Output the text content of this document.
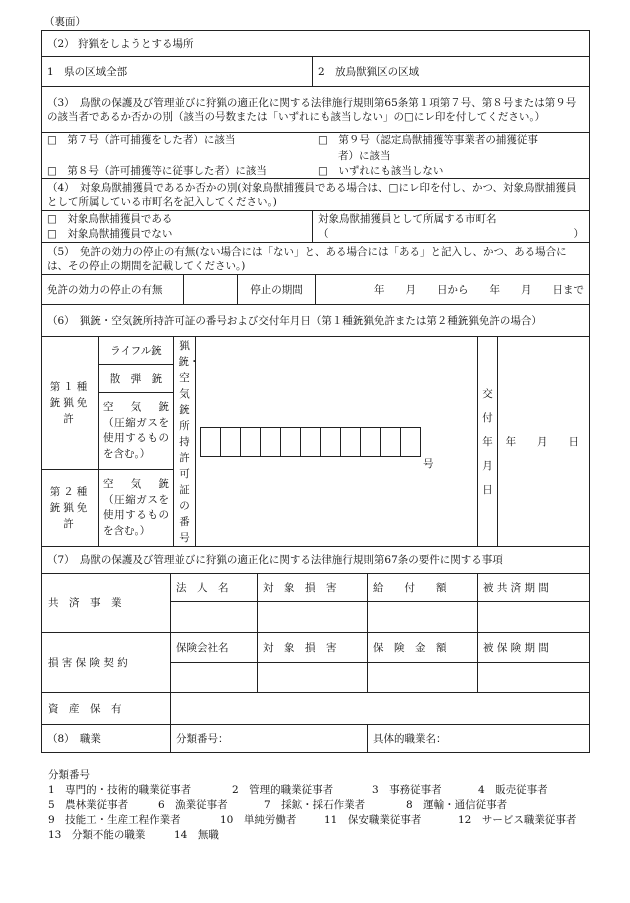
（裏面）
（2） 狩猟をしようとする場所
1　県の区域全部	2　放鳥獣猟区の区域
（3）　鳥獣の保護及び管理並びに狩猟の適正化に関する法律施行規則第65条第１項第７号、第８号または第９号の該当者であるか否かの別（該当の号数または「いずれにも該当しない」の□にレ印を付してください。）

□　第７号（許可捕獲をした者）に該当	□　第９号（認定鳥獣捕獲等事業者の捕獲従事
	者）に該当
□　第８号（許可捕獲等に従事した者）に該当	□　いずれにも該当しない
（4）　対象鳥獣捕獲員であるか否かの別(対象鳥獣捕獲員である場合は、□にレ印を付し、かつ、対象鳥獣捕獲員として所属している市町名を記入してください。)

□　対象鳥獣捕獲員である
□　対象鳥獣捕獲員でない

対象鳥獣捕獲員として所属する市町名
（	）
（5）　免許の効力の停止の有無(ない場合には「ない」と、ある場合には「ある」と記入し、かつ、ある場合には、その停止の期間を記載してください。)
免許の効力の停止の有無		停止の期間	年　　月　　日から　　年　　月　　日まで
（6）　猟銃・空気銃所持許可証の番号および交付年月日（第１種銃猟免許または第２種銃猟免許の場合）					
第１種銃猟免許	ライフル銃	猟銃・空気銃所持許可証の番号	号	交付年月日	年　　月　　日
	散　弾　銃				
	空　気　銃（圧縮ガスを使用するものを含む。）				
第２種銃猟免許	空　気　銃（圧縮ガスを使用するものを含む。）				
（7）　鳥獣の保護及び管理並びに狩猟の適正化に関する法律施行規則第67条の要件に関する事項				
共　済　事　業	法　人　名	対　象　損　害	給　　付　　額	被 共 済 期 間

損 害 保 険 契 約	保険会社名	対　象　損　害	保　険　金　額	被 保 険 期 間

資　産　保　有				
（8）　職業	分類番号：	具体的職業名：
分類番号
1　専門的・技術的職業従事者	2　管理的職業従事者	3　事務従事者	4　販売従事者
5　農林業従事者	6　漁業従事者	7　採鉱・採石作業者	8　運輸・通信従事者
9　技能工・生産工程作業者	10　単純労働者	11　保安職業従事者	12　サービス職業従事者
13　分類不能の職業	14　無職
